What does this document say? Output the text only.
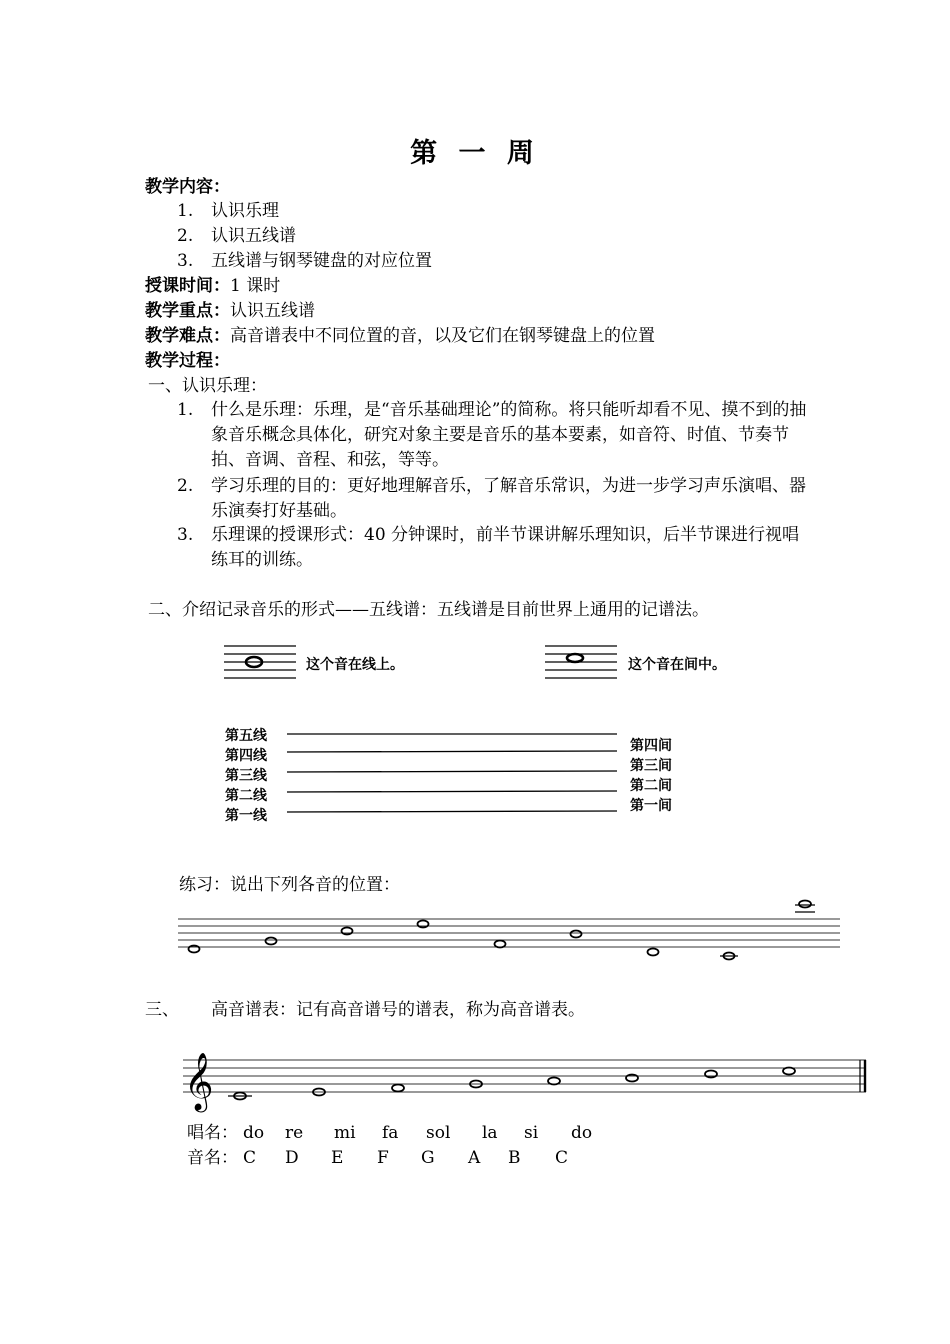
第 一 周
教学内容：
1. 认识乐理
2. 认识五线谱
3. 五线谱与钢琴键盘的对应位置
授课时间：1 课时
教学重点：认识五线谱
教学难点：高音谱表中不同位置的音，以及它们在钢琴键盘上的位置
教学过程：
一、认识乐理：
1. 什么是乐理：乐理，是“音乐基础理论”的简称。将只能听却看不见、摸不到的抽象音乐概念具体化，研究对象主要是音乐的基本要素，如音符、时值、节奏节拍、音调、音程、和弦，等等。
2. 学习乐理的目的：更好地理解音乐，了解音乐常识，为进一步学习声乐演唱、器乐演奏打好基础。
3. 乐理课的授课形式：40 分钟课时，前半节课讲解乐理知识，后半节课进行视唱练耳的训练。
二、介绍记录音乐的形式——五线谱：五线谱是目前世界上通用的记谱法。
这个音在线上。	这个音在间中。
第五线
第四线
第三线
第二线
第一线
第四间
第三间
第二间
第一间
练习：说出下列各音的位置：
三、 高音谱表：记有高音谱号的谱表，称为高音谱表。
𝄞
唱名： do re mi fa sol la si do
音名： C D E F G A B C
